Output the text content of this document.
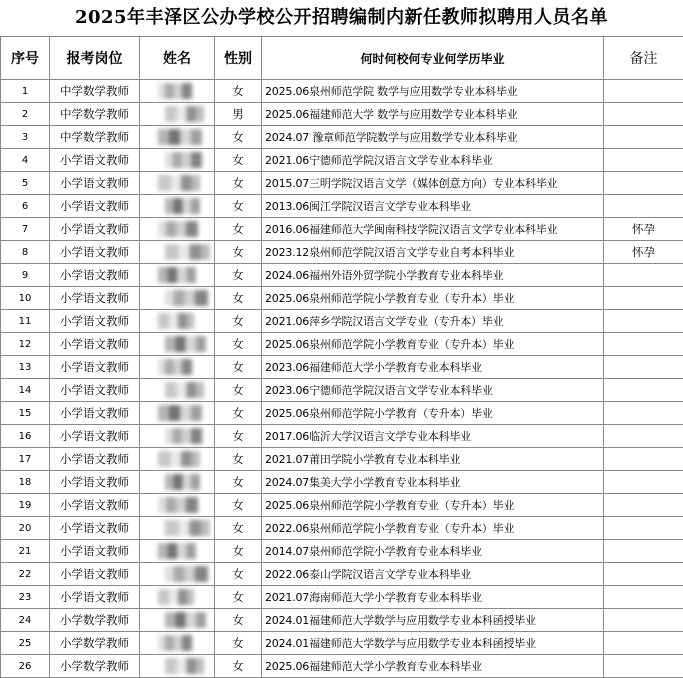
2025年丰泽区公办学校公开招聘编制内新任教师拟聘用人员名单
序号	报考岗位	姓名	性别	何时何校何专业何学历毕业	备注
1	中学数学教师		女	2025.06泉州师范学院 数学与应用数学专业本科毕业	
2	中学数学教师		男	2025.06福建师范大学 数学与应用数学专业本科毕业	
3	中学数学教师		女	2024.07 豫章师范学院数学与应用数学专业本科毕业	
4	小学语文教师		女	2021.06宁德师范学院汉语言文学专业本科毕业	
5	小学语文教师		女	2015.07三明学院汉语言文学（媒体创意方向）专业本科毕业	
6	小学语文教师		女	2013.06闽江学院汉语言文学专业本科毕业	
7	小学语文教师		女	2016.06福建师范大学闽南科技学院汉语言文学专业本科毕业	怀孕
8	小学语文教师		女	2023.12泉州师范学院汉语言文学专业自考本科毕业	怀孕
9	小学语文教师		女	2024.06福州外语外贸学院小学教育专业本科毕业	
10	小学语文教师		女	2025.06泉州师范学院小学教育专业（专升本）毕业	
11	小学语文教师		女	2021.06萍乡学院汉语言文学专业（专升本）毕业	
12	小学语文教师		女	2025.06泉州师范学院小学教育专业（专升本）毕业	
13	小学语文教师		女	2023.06福建师范大学小学教育专业本科毕业	
14	小学语文教师		女	2023.06宁德师范学院汉语言文学专业本科毕业	
15	小学语文教师		女	2025.06泉州师范学院小学教育（专升本）毕业	
16	小学语文教师		女	2017.06临沂大学汉语言文学专业本科毕业	
17	小学语文教师		女	2021.07莆田学院小学教育专业本科毕业	
18	小学语文教师		女	2024.07集美大学小学教育专业本科毕业	
19	小学语文教师		女	2025.06泉州师范学院小学教育专业（专升本）毕业	
20	小学语文教师		女	2022.06泉州师范学院小学教育专业（专升本）毕业	
21	小学语文教师		女	2014.07泉州师范学院小学教育专业本科毕业	
22	小学语文教师		女	2022.06泰山学院汉语言文学专业本科毕业	
23	小学语文教师		女	2021.07海南师范大学小学教育专业本科毕业	
24	小学数学教师		女	2024.01福建师范大学数学与应用数学专业本科函授毕业	
25	小学数学教师		女	2024.01福建师范大学数学与应用数学专业本科函授毕业	
26	小学数学教师		女	2025.06福建师范大学小学教育专业本科毕业	
